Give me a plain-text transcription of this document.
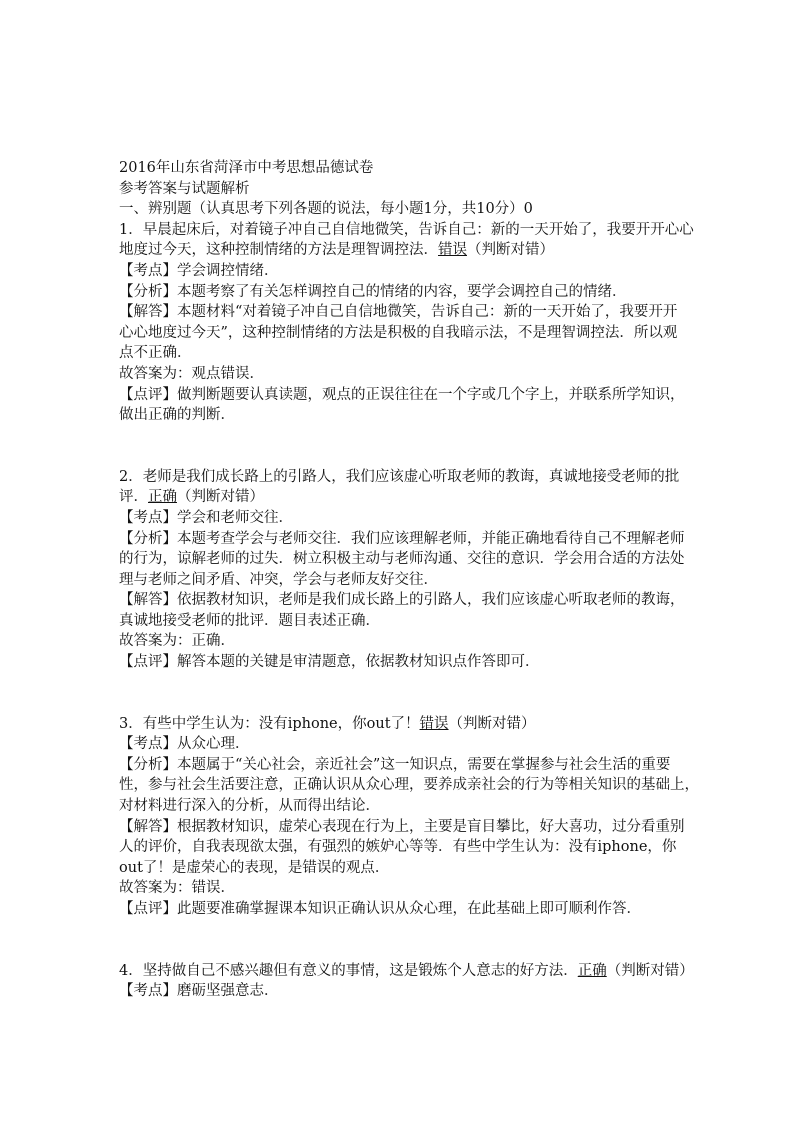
2016年山东省菏泽市中考思想品德试卷
参考答案与试题解析
一、辨别题（认真思考下列各题的说法，每小题1分，共10分）0
1．早晨起床后，对着镜子冲自己自信地微笑，告诉自己：新的一天开始了，我要开开心心
地度过今天，这种控制情绪的方法是理智调控法．错误（判断对错）
【考点】学会调控情绪．
【分析】本题考察了有关怎样调控自己的情绪的内容，要学会调控自己的情绪．
【解答】本题材料“对着镜子冲自己自信地微笑，告诉自己：新的一天开始了，我要开开
心心地度过今天”，这种控制情绪的方法是积极的自我暗示法，不是理智调控法．所以观
点不正确．
故答案为：观点错误．
【点评】做判断题要认真读题，观点的正误往往在一个字或几个字上，并联系所学知识，
做出正确的判断．
2．老师是我们成长路上的引路人，我们应该虚心听取老师的教诲，真诚地接受老师的批
评．正确（判断对错）
【考点】学会和老师交往．
【分析】本题考查学会与老师交往．我们应该理解老师，并能正确地看待自己不理解老师
的行为，谅解老师的过失．树立积极主动与老师沟通、交往的意识．学会用合适的方法处
理与老师之间矛盾、冲突，学会与老师友好交往．
【解答】依据教材知识，老师是我们成长路上的引路人，我们应该虚心听取老师的教诲，
真诚地接受老师的批评．题目表述正确．
故答案为：正确．
【点评】解答本题的关键是审清题意，依据教材知识点作答即可．
3．有些中学生认为：没有iphone，你out了！错误（判断对错）
【考点】从众心理．
【分析】本题属于“关心社会，亲近社会”这一知识点，需要在掌握参与社会生活的重要
性，参与社会生活要注意，正确认识从众心理，要养成亲社会的行为等相关知识的基础上，
对材料进行深入的分析，从而得出结论．
【解答】根据教材知识，虚荣心表现在行为上，主要是盲目攀比，好大喜功，过分看重别
人的评价，自我表现欲太强，有强烈的嫉妒心等等．有些中学生认为：没有iphone，你
out了！是虚荣心的表现，是错误的观点．
故答案为：错误．
【点评】此题要准确掌握课本知识正确认识从众心理，在此基础上即可顺利作答．
4．坚持做自己不感兴趣但有意义的事情，这是锻炼个人意志的好方法．正确（判断对错）
【考点】磨砺坚强意志．
